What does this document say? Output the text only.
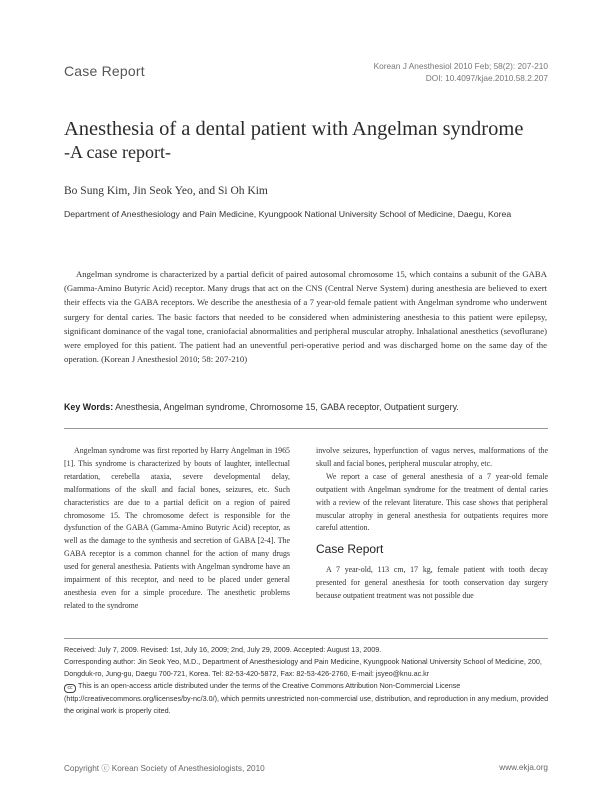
Case Report	Korean J Anesthesiol 2010 Feb; 58(2): 207-210
DOI: 10.4097/kjae.2010.58.2.207
Anesthesia of a dental patient with Angelman syndrome
-A case report-
Bo Sung Kim, Jin Seok Yeo, and Si Oh Kim
Department of Anesthesiology and Pain Medicine, Kyungpook National University School of Medicine, Daegu, Korea

Angelman syndrome is characterized by a partial deficit of paired autosomal chromosome 15, which contains a subunit of the GABA (Gamma-Amino Butyric Acid) receptor. Many drugs that act on the CNS (Central Nerve System) during anesthesia are believed to exert their effects via the GABA receptors. We describe the anesthesia of a 7 year-old female patient with Angelman syndrome who underwent surgery for dental caries. The basic factors that needed to be considered when administering anesthesia to this patient were epilepsy, significant dominance of the vagal tone, craniofacial abnormalities and peripheral muscular atrophy. Inhalational anesthetics (sevoflurane) were employed for this patient. The patient had an uneventful peri-operative period and was discharged home on the same day of the operation. (Korean J Anesthesiol 2010; 58: 207-210)

Key Words: Anesthesia, Angelman syndrome, Chromosome 15, GABA receptor, Outpatient surgery.

Angelman syndrome was first reported by Harry Angelman in 1965 [1]. This syndrome is characterized by bouts of laughter, intellectual retardation, cerebella ataxia, severe developmental delay, malformations of the skull and facial bones, seizures, etc. Such characteristics are due to a partial deficit on a region of paired chromosome 15. The chromosome defect is responsible for the dysfunction of the GABA (Gamma-Amino Butyric Acid) receptor, as well as the damage to the synthesis and secretion of GABA [2-4]. The GABA receptor is a common channel for the action of many drugs used for general anesthesia. Patients with Angelman syndrome have an impairment of this receptor, and need to be placed under general anesthesia even for a simple procedure. The anesthetic problems related to the syndrome

involve seizures, hyperfunction of vagus nerves, malformations of the skull and facial bones, peripheral muscular atrophy, etc.

We report a case of general anesthesia of a 7 year-old female outpatient with Angelman syndrome for the treatment of dental caries with a review of the relevant literature. This case shows that peripheral muscular atrophy in general anesthesia for outpatients requires more careful attention.

Case Report

A 7 year-old, 113 cm, 17 kg, female patient with tooth decay presented for general anesthesia for tooth conservation day surgery because outpatient treatment was not possible due

Received: July 7, 2009. Revised: 1st, July 16, 2009; 2nd, July 29, 2009. Accepted: August 13, 2009.
Corresponding author: Jin Seok Yeo, M.D., Department of Anesthesiology and Pain Medicine, Kyungpook National University School of Medicine, 200, Dongduk-ro, Jung-gu, Daegu 700-721, Korea. Tel: 82-53-420-5872, Fax: 82-53-426-2760, E-mail: jsyeo@knu.ac.kr
cc This is an open-access article distributed under the terms of the Creative Commons Attribution Non-Commercial License (http://creativecommons.org/licenses/by-nc/3.0/), which permits unrestricted non-commercial use, distribution, and reproduction in any medium, provided the original work is properly cited.
Copyright ⓒ Korean Society of Anesthesiologists, 2010	www.ekja.org
